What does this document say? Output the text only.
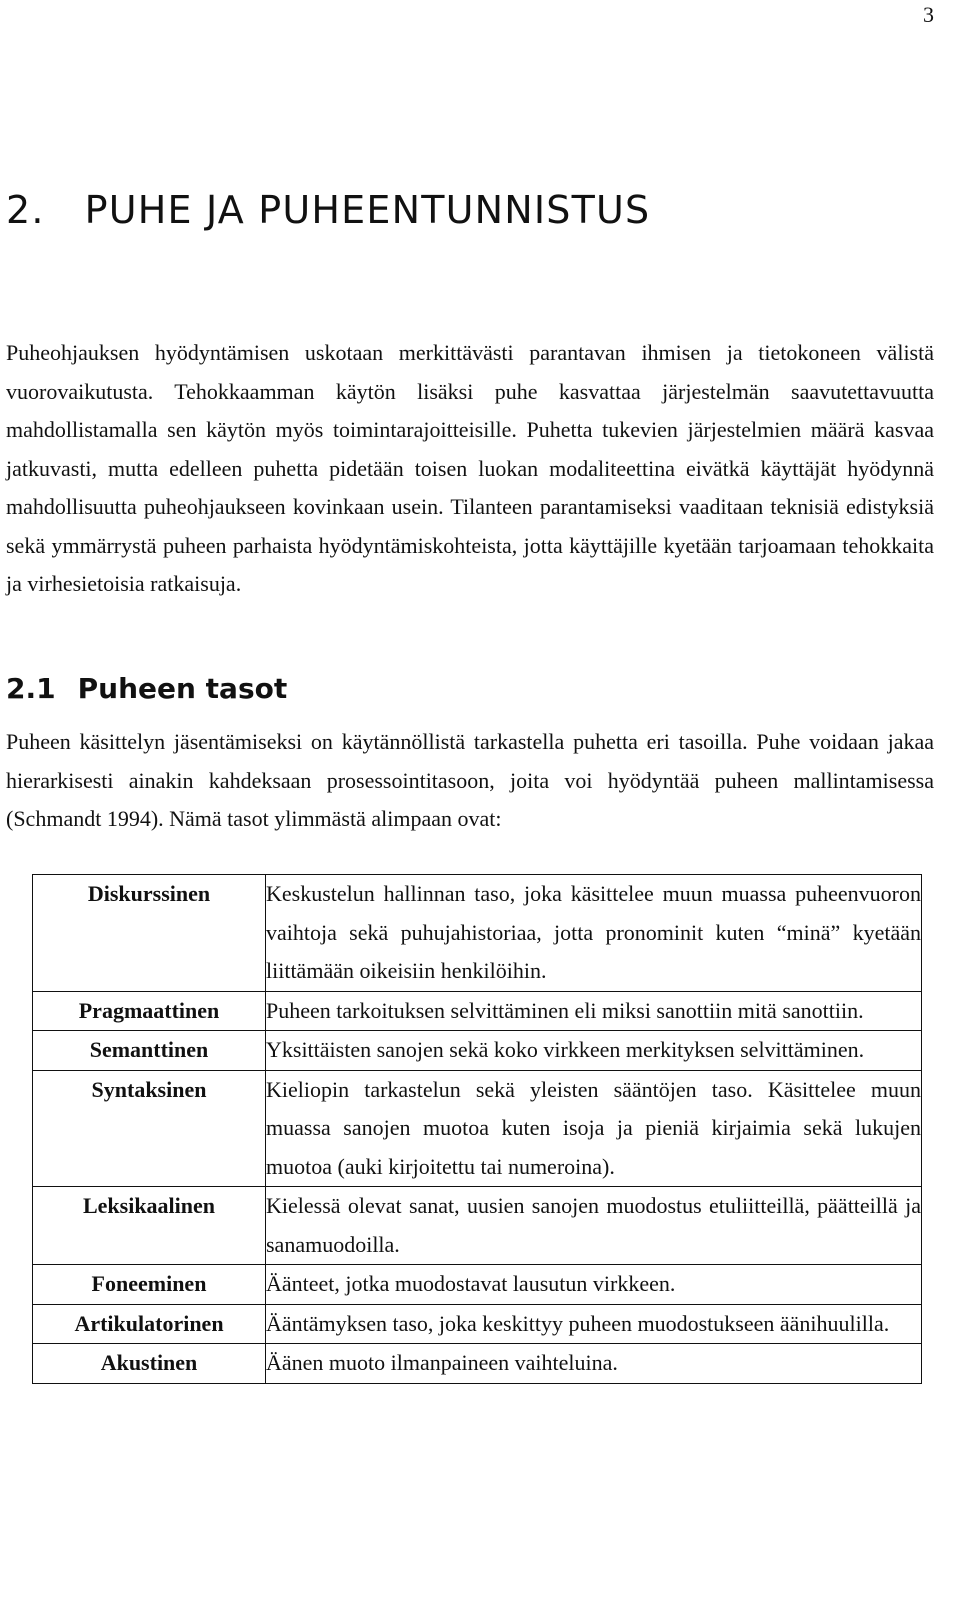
3
2. PUHE JA PUHEENTUNNISTUS

Puheohjauksen hyödyntämisen uskotaan merkittävästi parantavan ihmisen ja tietokoneen välistä vuorovaikutusta. Tehokkaamman käytön lisäksi puhe kasvattaa järjestelmän saavutettavuutta mahdollistamalla sen käytön myös toimintarajoitteisille. Puhetta tukevien järjestelmien määrä kasvaa jatkuvasti, mutta edelleen puhetta pidetään toisen luokan modaliteettina eivätkä käyttäjät hyödynnä mahdollisuutta puheohjaukseen kovinkaan usein. Tilanteen parantamiseksi vaaditaan teknisiä edistyksiä sekä ymmärrystä puheen parhaista hyödyntämiskohteista, jotta käyttäjille kyetään tarjoamaan tehokkaita ja virhesietoisia ratkaisuja.

2.1 Puheen tasot

Puheen käsittelyn jäsentämiseksi on käytännöllistä tarkastella puhetta eri tasoilla. Puhe voidaan jakaa hierarkisesti ainakin kahdeksaan prosessointitasoon, joita voi hyödyntää puheen mallintamisessa (Schmandt 1994). Nämä tasot ylimmästä alimpaan ovat:

Diskurssinen	Keskustelun hallinnan taso, joka käsittelee muun muassa puheenvuoron vaihtoja sekä puhujahistoriaa, jotta pronominit kuten “minä” kyetään liittämään oikeisiin henkilöihin.
Pragmaattinen	Puheen tarkoituksen selvittäminen eli miksi sanottiin mitä sanottiin.
Semanttinen	Yksittäisten sanojen sekä koko virkkeen merkityksen selvittäminen.
Syntaksinen	Kieliopin tarkastelun sekä yleisten sääntöjen taso. Käsittelee muun muassa sanojen muotoa kuten isoja ja pieniä kirjaimia sekä lukujen muotoa (auki kirjoitettu tai numeroina).
Leksikaalinen	Kielessä olevat sanat, uusien sanojen muodostus etuliitteillä, päätteillä ja sanamuodoilla.
Foneeminen	Äänteet, jotka muodostavat lausutun virkkeen.
Artikulatorinen	Ääntämyksen taso, joka keskittyy puheen muodostukseen äänihuulilla.
Akustinen	Äänen muoto ilmanpaineen vaihteluina.
